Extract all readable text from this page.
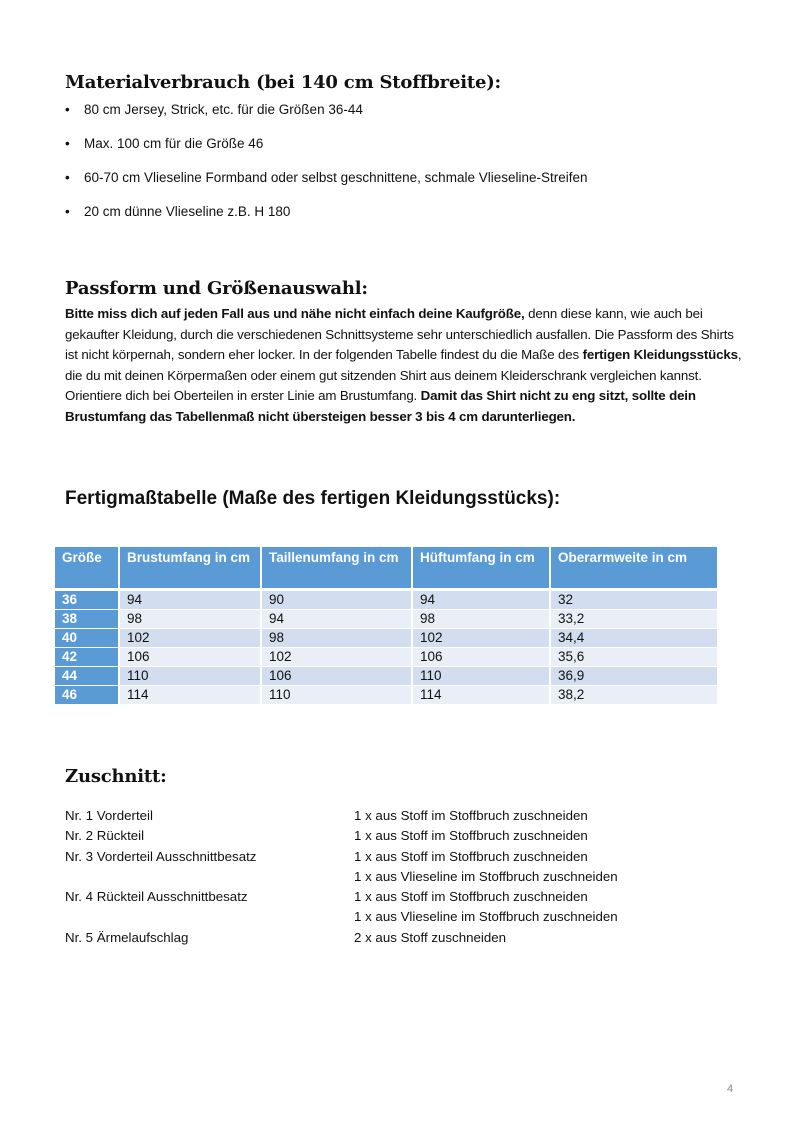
Materialverbrauch (bei 140 cm Stoffbreite):
• 80 cm Jersey, Strick, etc. für die Größen 36-44
• Max. 100 cm für die Größe 46
• 60-70 cm Vlieseline Formband oder selbst geschnittene, schmale Vlieseline-Streifen
• 20 cm dünne Vlieseline z.B. H 180
Passform und Größenauswahl:

Bitte miss dich auf jeden Fall aus und nähe nicht einfach deine Kaufgröße, denn diese kann, wie auch bei gekaufter Kleidung, durch die verschiedenen Schnittsysteme sehr unterschiedlich ausfallen. Die Passform des Shirts ist nicht körpernah, sondern eher locker. In der folgenden Tabelle findest du die Maße des fertigen Kleidungsstücks, die du mit deinen Körpermaßen oder einem gut sitzenden Shirt aus deinem Kleiderschrank vergleichen kannst. Orientiere dich bei Oberteilen in erster Linie am Brustumfang. Damit das Shirt nicht zu eng sitzt, sollte dein Brustumfang das Tabellenmaß nicht übersteigen besser 3 bis 4 cm darunterliegen.

Fertigmaßtabelle (Maße des fertigen Kleidungsstücks):
Größe	Brustumfang in cm	Taillenumfang in cm	Hüftumfang in cm	Oberarmweite in cm
36	94	90	94	32
38	98	94	98	33,2
40	102	98	102	34,4
42	106	102	106	35,6
44	110	106	110	36,9
46	114	110	114	38,2
Nr. 1 Vorderteil	1 x aus Stoff im Stoffbruch zuschneiden
Nr. 2 Rückteil	1 x aus Stoff im Stoffbruch zuschneiden
Nr. 3 Vorderteil Ausschnittbesatz	1 x aus Stoff im Stoffbruch zuschneiden
1 x aus Vlieseline im Stoffbruch zuschneiden
Nr. 4 Rückteil Ausschnittbesatz	1 x aus Stoff im Stoffbruch zuschneiden
1 x aus Vlieseline im Stoffbruch zuschneiden
Nr. 5 Ärmelaufschlag	2 x aus Stoff zuschneiden
Zuschnitt:
4
